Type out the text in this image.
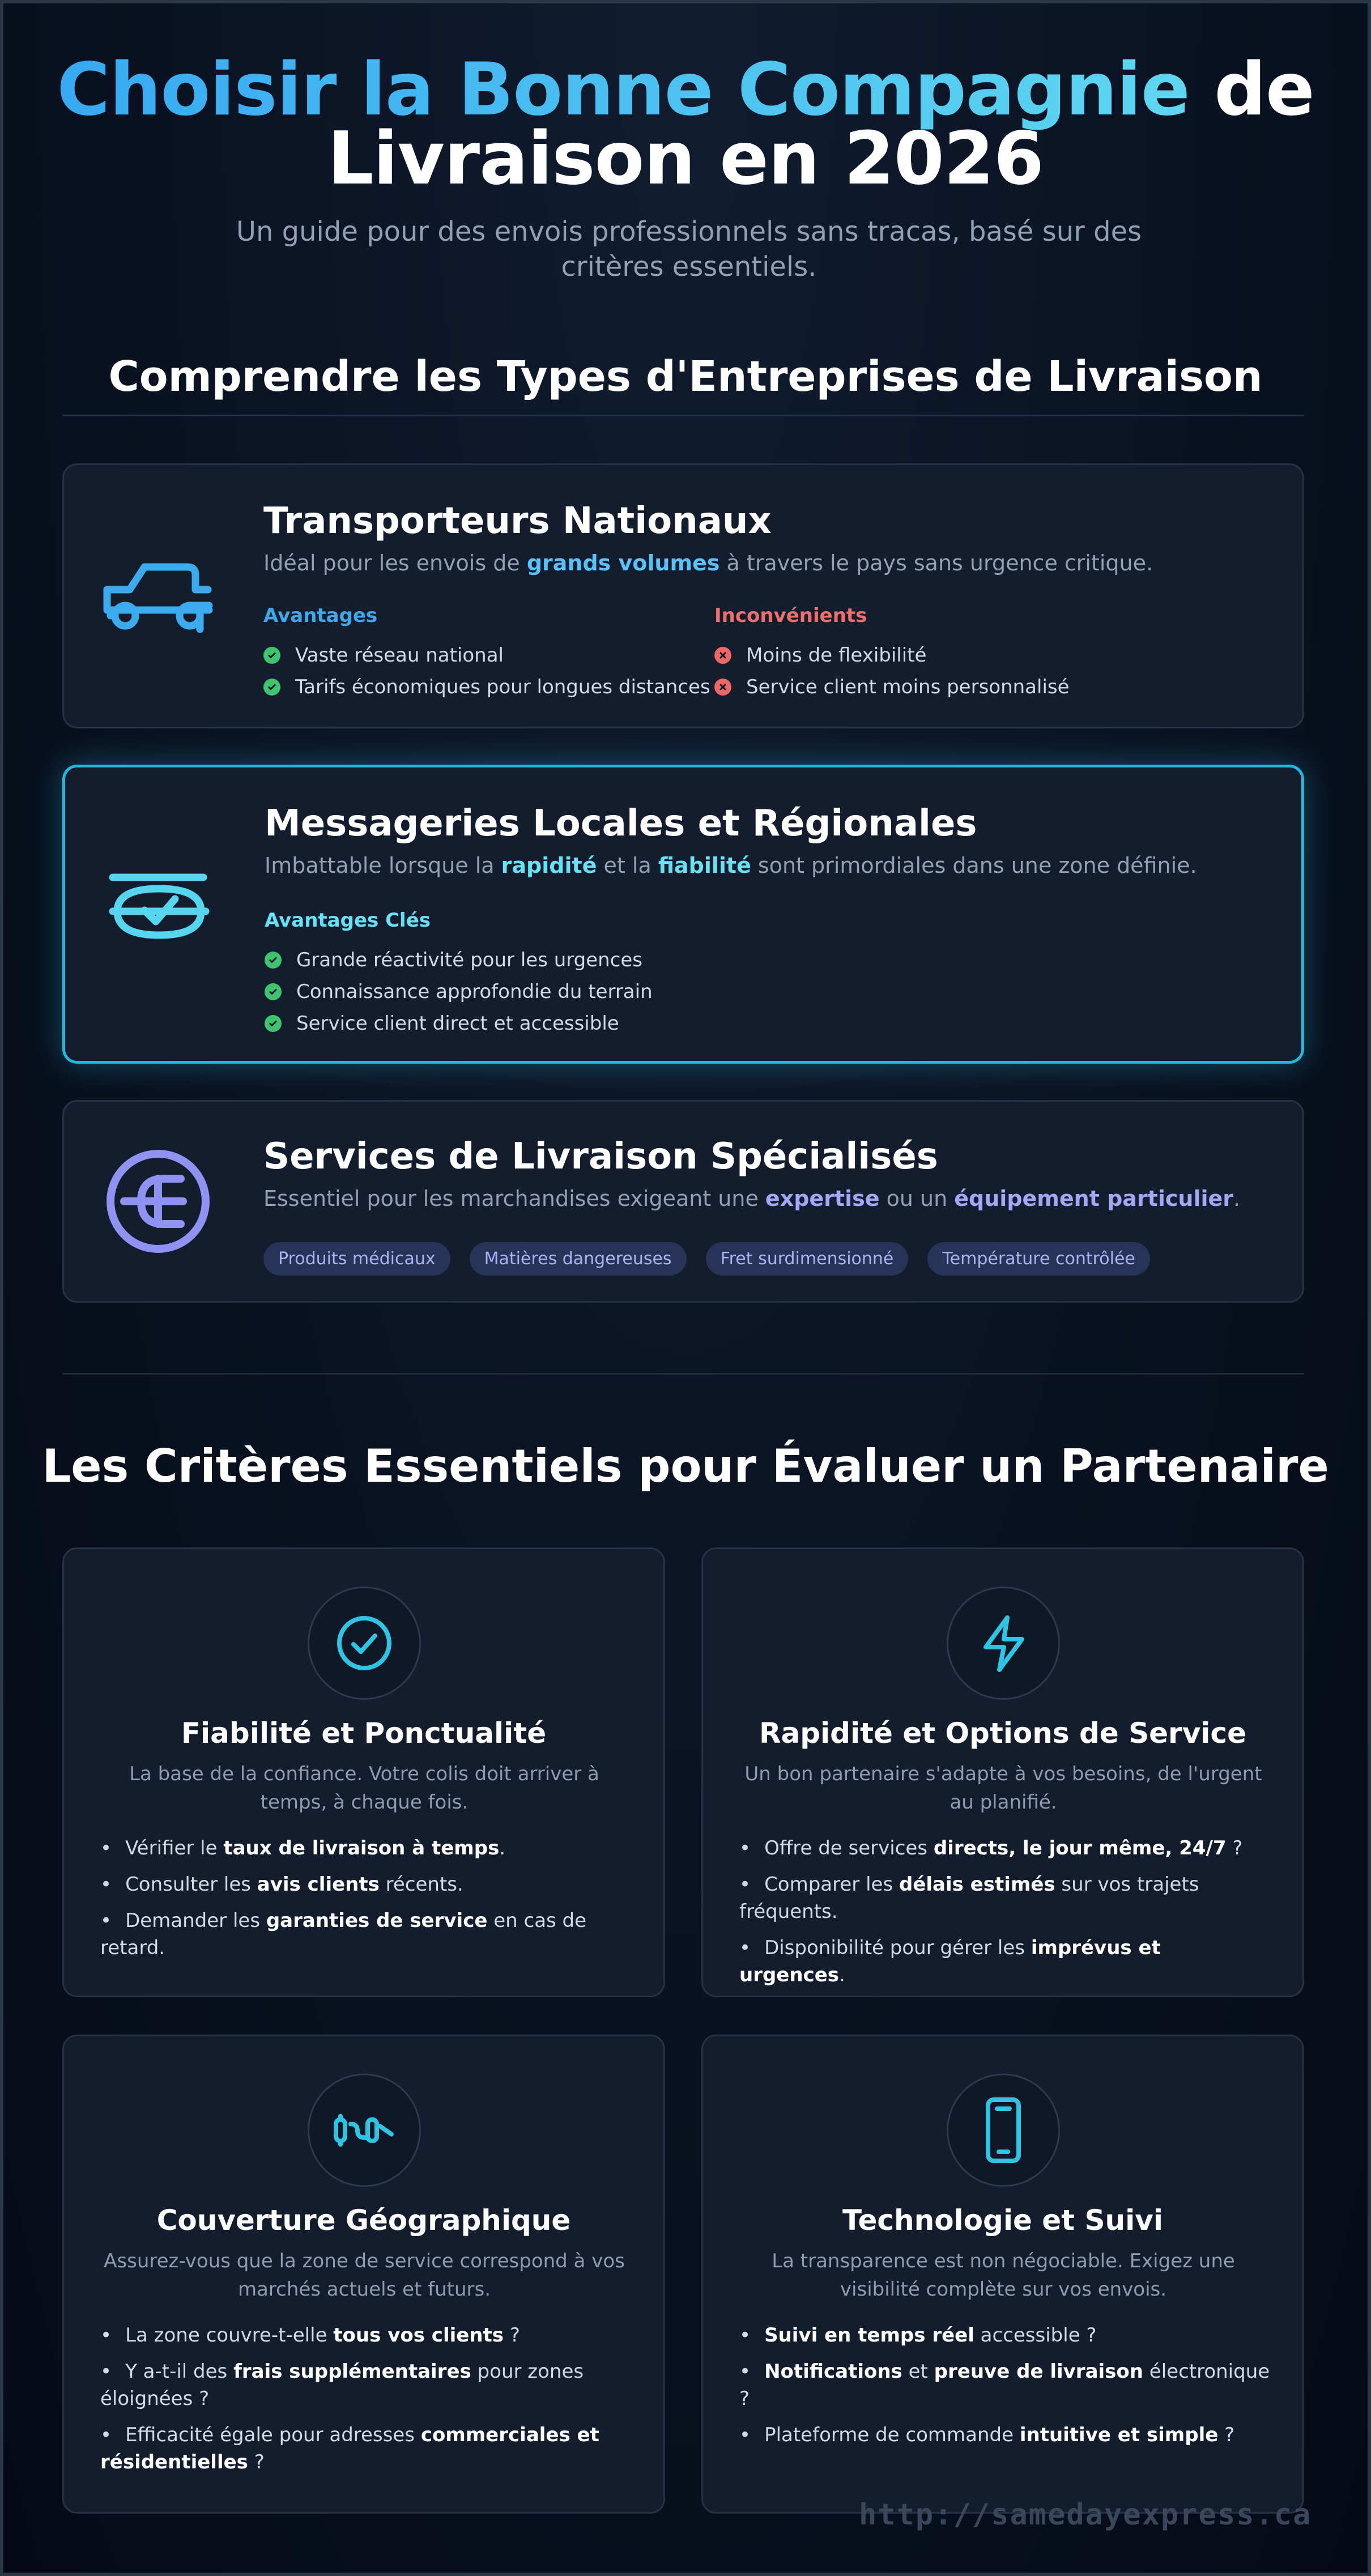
Choisir la Bonne Compagnie de
Livraison en 2026

Un guide pour des envois professionnels sans tracas, basé sur des critères essentiels.

Comprendre les Types d'Entreprises de Livraison
Transporteurs Nationaux
Idéal pour les envois de grands volumes à travers le pays sans urgence critique.
Avantages
Vaste réseau national
Tarifs économiques pour longues distances
Inconvénients
Moins de flexibilité
Service client moins personnalisé
Messageries Locales et Régionales
Imbattable lorsque la rapidité et la fiabilité sont primordiales dans une zone définie.
Avantages Clés
Grande réactivité pour les urgences
Connaissance approfondie du terrain
Service client direct et accessible
Services de Livraison Spécialisés
Essentiel pour les marchandises exigeant une expertise ou un équipement particulier.
Produits médicaux	Matières dangereuses	Fret surdimensionné	Température contrôlée
Les Critères Essentiels pour Évaluer un Partenaire
Fiabilité et Ponctualité
La base de la confiance. Votre colis doit arriver à temps, à chaque fois.
• Vérifier le taux de livraison à temps.
• Consulter les avis clients récents.
• Demander les garanties de service en cas de retard.
Rapidité et Options de Service
Un bon partenaire s'adapte à vos besoins, de l'urgent au planifié.
• Offre de services directs, le jour même, 24/7 ?
• Comparer les délais estimés sur vos trajets fréquents.
• Disponibilité pour gérer les imprévus et urgences.
Couverture Géographique
Assurez-vous que la zone de service correspond à vos marchés actuels et futurs.
• La zone couvre-t-elle tous vos clients ?
• Y a-t-il des frais supplémentaires pour zones éloignées ?
• Efficacité égale pour adresses commerciales et résidentielles ?
Technologie et Suivi
La transparence est non négociable. Exigez une visibilité complète sur vos envois.
• Suivi en temps réel accessible ?
• Notifications et preuve de livraison électronique ?
• Plateforme de commande intuitive et simple ?
http://samedayexpress.ca
